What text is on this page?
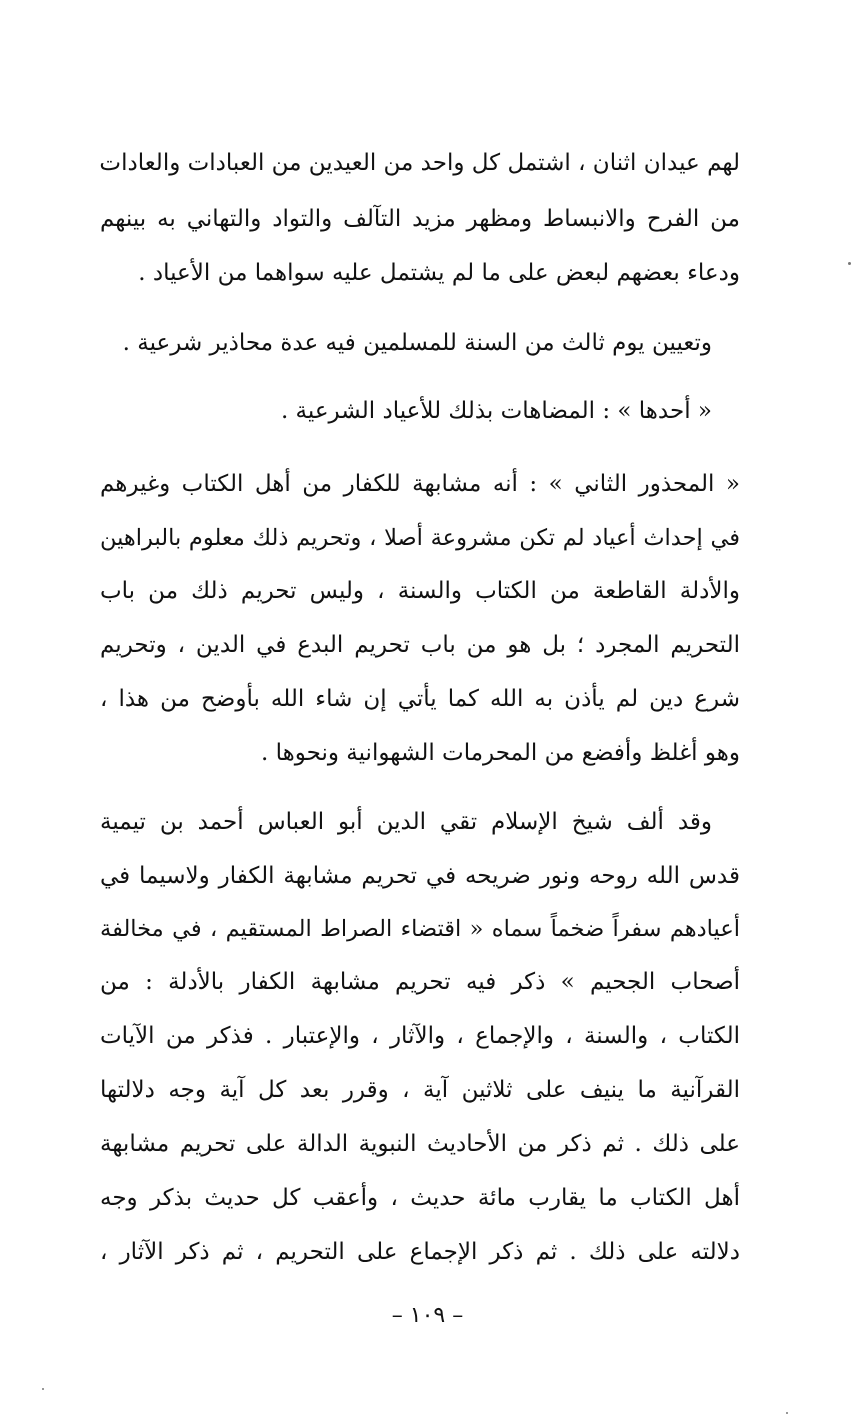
لهم عيدان اثنان ، اشتمل كل واحد من العيدين من العبادات والعادات
من الفرح والانبساط ومظهر مزيد التآلف والتواد والتهاني به بينهم
ودعاء بعضهم لبعض على ما لم يشتمل عليه سواهما من الأعياد .
وتعيين يوم ثالث من السنة للمسلمين فيه عدة محاذير شرعية .
« أحدها » : المضاهات بذلك للأعياد الشرعية .
« المحذور الثاني » : أنه مشابهة للكفار من أهل الكتاب وغيرهم
في إحداث أعياد لم تكن مشروعة أصلا ، وتحريم ذلك معلوم بالبراهين
والأدلة القاطعة من الكتاب والسنة ، وليس تحريم ذلك من باب
التحريم المجرد ؛ بل هو من باب تحريم البدع في الدين ، وتحريم
شرع دين لم يأذن به الله كما يأتي إن شاء الله بأوضح من هذا ،
وهو أغلظ وأفضع من المحرمات الشهوانية ونحوها .
وقد ألف شيخ الإسلام تقي الدين أبو العباس أحمد بن تيمية
قدس الله روحه ونور ضريحه في تحريم مشابهة الكفار ولاسيما في
أعيادهم سفراً ضخماً سماه « اقتضاء الصراط المستقيم ، في مخالفة
أصحاب الجحيم » ذكر فيه تحريم مشابهة الكفار بالأدلة : من
الكتاب ، والسنة ، والإجماع ، والآثار ، والإعتبار . فذكر من الآيات
القرآنية ما ينيف على ثلاثين آية ، وقرر بعد كل آية وجه دلالتها
على ذلك . ثم ذكر من الأحاديث النبوية الدالة على تحريم مشابهة
أهل الكتاب ما يقارب مائة حديث ، وأعقب كل حديث بذكر وجه
دلالته على ذلك . ثم ذكر الإجماع على التحريم ، ثم ذكر الآثار ،
– ١٠٩ –
